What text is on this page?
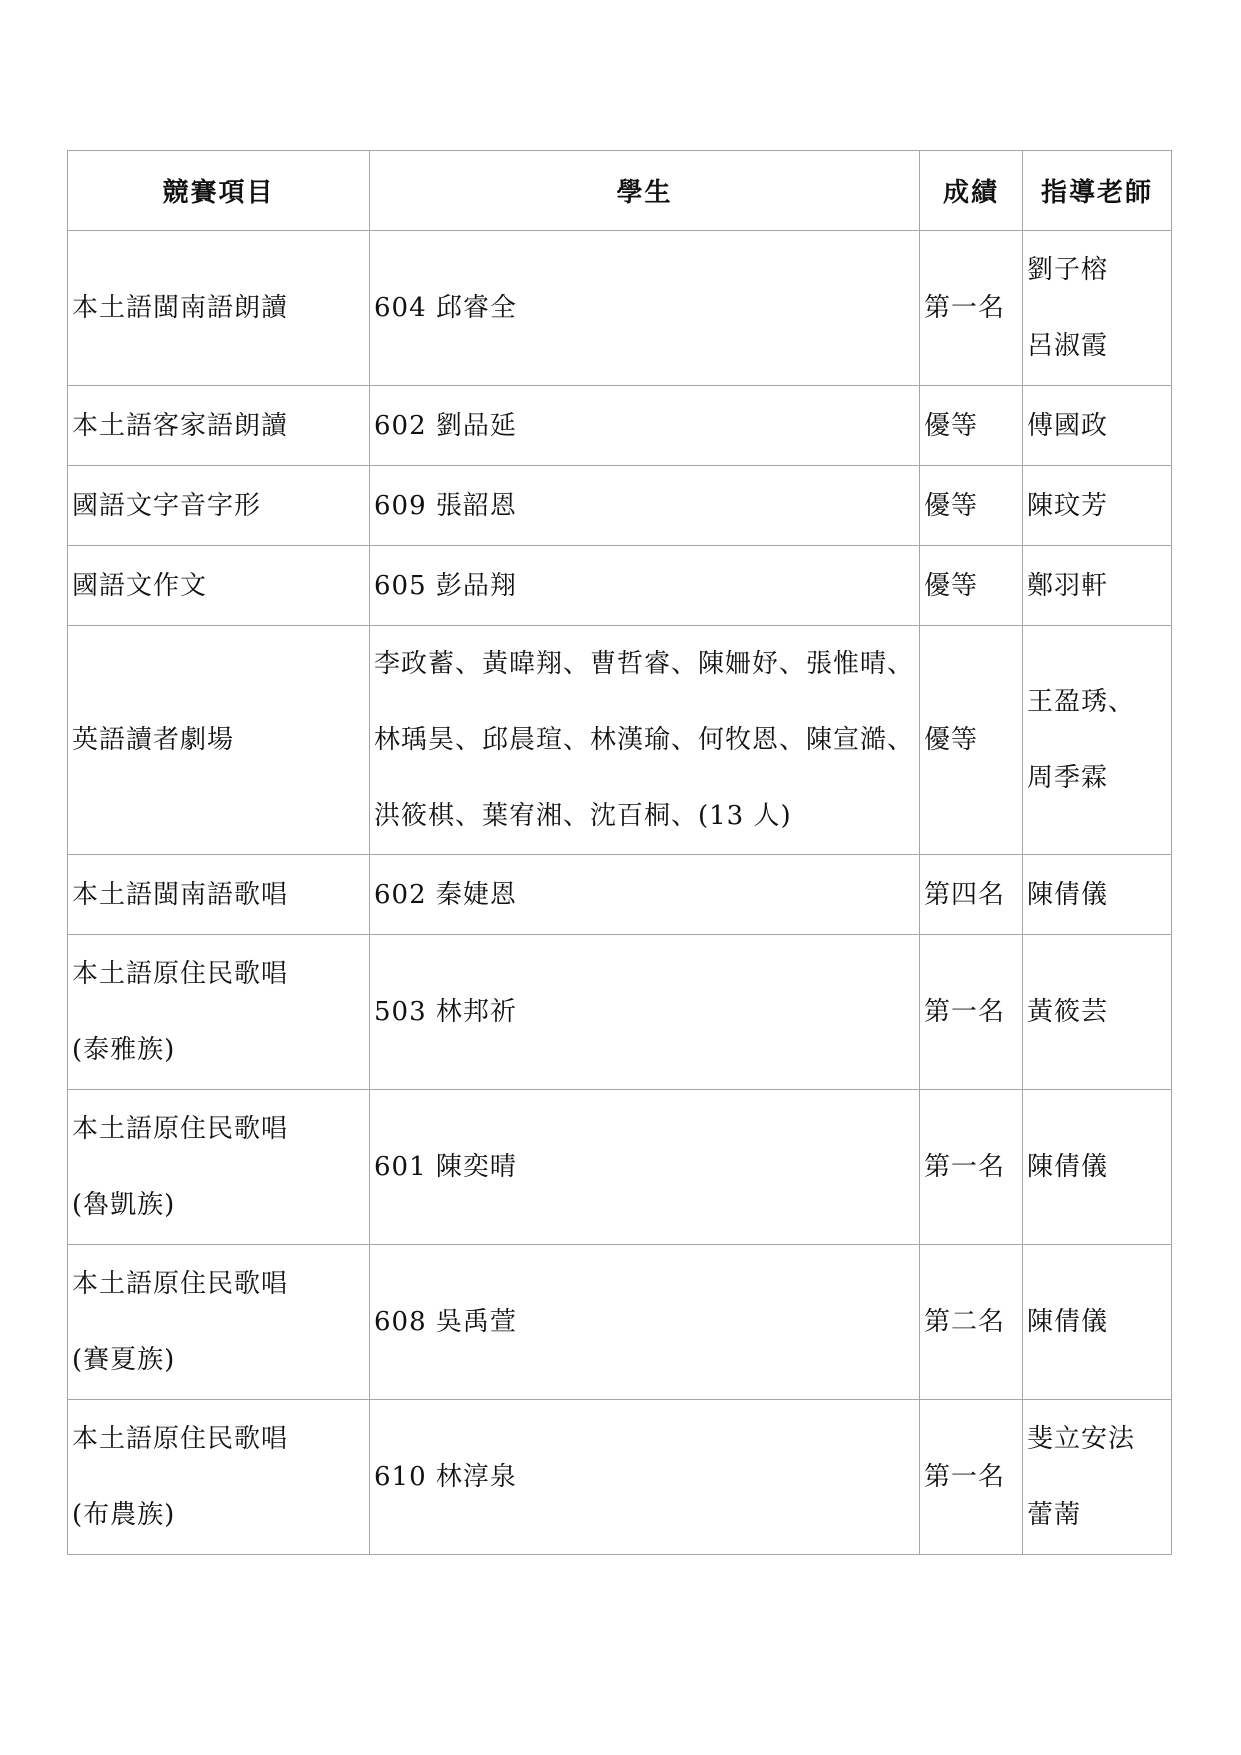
競賽項目	學生	成績	指導老師

本土語閩南語朗讀	604 邱睿全	第一名	劉子榕
呂淑霞

本土語客家語朗讀	602 劉品延	優等	傅國政

國語文字音字形	609 張韶恩	優等	陳玟芳

國語文作文	605 彭品翔	優等	鄭羽軒

英語讀者劇場	李政蓄、黃暐翔、曹哲睿、陳姍妤、張惟晴、
林瑀昊、邱晨瑄、林漢瑜、何牧恩、陳宣澔、
洪筱棋、葉宥湘、沈百桐、(13 人)	優等	王盈琇、
周季霖

本土語閩南語歌唱	602 秦婕恩	第四名	陳倩儀

本土語原住民歌唱
(泰雅族)	503 林邦祈	第一名	黃筱芸

本土語原住民歌唱
(魯凱族)	601 陳奕晴	第一名	陳倩儀

本土語原住民歌唱
(賽夏族)	608 吳禹萱	第二名	陳倩儀

本土語原住民歌唱
(布農族)	610 林淳泉	第一名	斐立安法
蕾萳
